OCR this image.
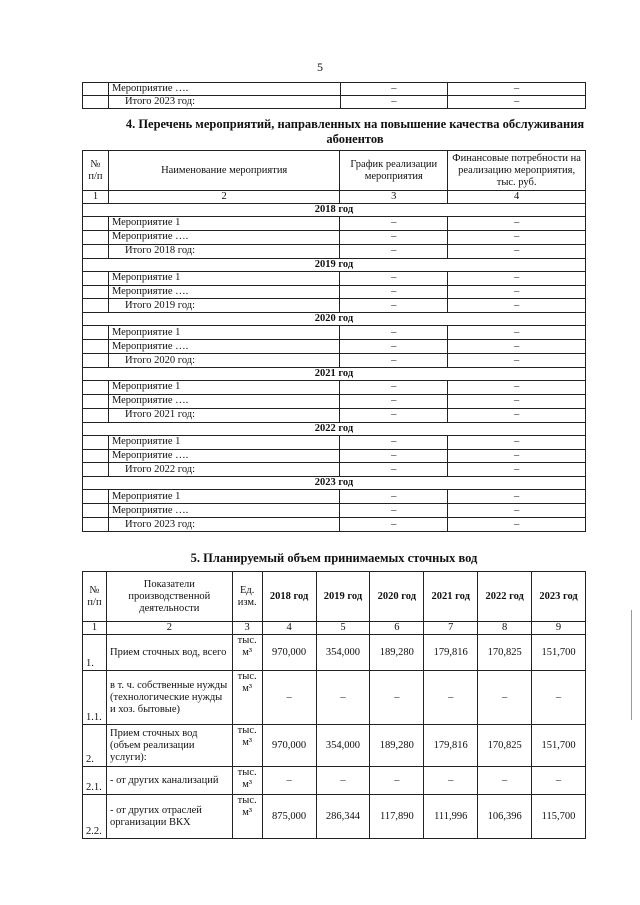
5
	Мероприятие ….	–	–
	Итого 2023 год:	–	–
4. Перечень мероприятий, направленных на повышение качества обслуживания абонентов
№ п/п	Наименование мероприятия	График реализации мероприятия	Финансовые потребности на реализацию мероприятия, тыс. руб.
1	2	3	4
2018 год			
	Мероприятие 1	–	–
	Мероприятие ….	–	–
	Итого 2018 год:	–	–
2019 год			
	Мероприятие 1	–	–
	Мероприятие ….	–	–
	Итого 2019 год:	–	–
2020 год			
	Мероприятие 1	–	–
	Мероприятие ….	–	–
	Итого 2020 год:	–	–
2021 год			
	Мероприятие 1	–	–
	Мероприятие ….	–	–
	Итого 2021 год:	–	–
2022 год			
	Мероприятие 1	–	–
	Мероприятие ….	–	–
	Итого 2022 год:	–	–
2023 год			
	Мероприятие 1	–	–
	Мероприятие ….	–	–
	Итого 2023 год:	–	–
5. Планируемый объем принимаемых сточных вод
№ п/п	Показатели производственной деятельности	Ед. изм.	2018 год	2019 год	2020 год	2021 год	2022 год	2023 год
1	2	3	4	5	6	7	8	9
1.	Прием сточных вод, всего	тыс. м³	970,000	354,000	189,280	179,816	170,825	151,700
1.1.	в т. ч. собственные нужды (технологические нужды и хоз. бытовые)	тыс. м³	–	–	–	–	–	–
2.	Прием сточных вод (объем реализации услуги):	тыс. м³	970,000	354,000	189,280	179,816	170,825	151,700
2.1.	- от других канализаций	тыс. м³	–	–	–	–	–	–
2.2.	- от других отраслей организации ВКХ	тыс. м³	875,000	286,344	117,890	111,996	106,396	115,700
